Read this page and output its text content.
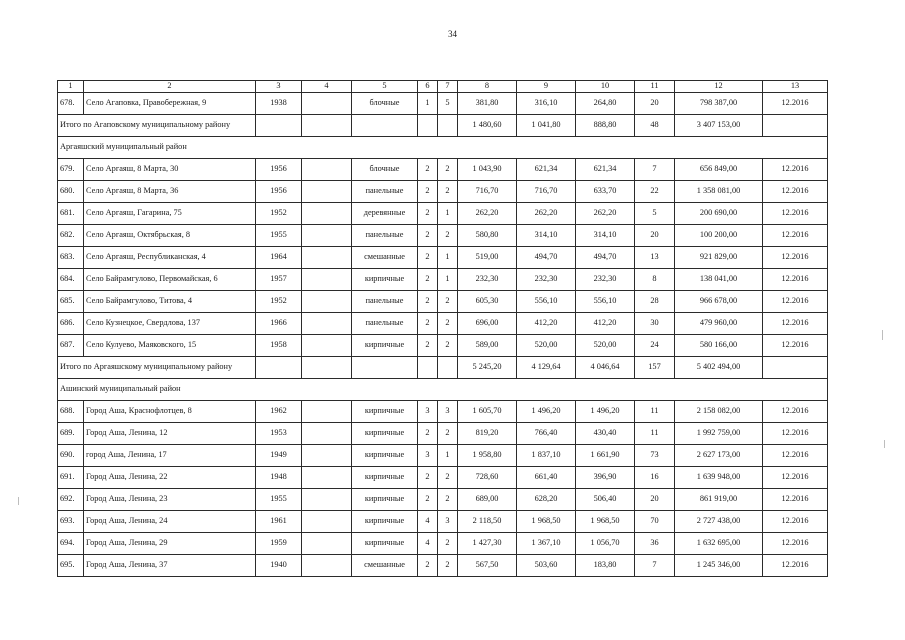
34
1	2	3	4	5	6	7	8	9	10	11	12	13
678.	Село Агаповка, Правобережная, 9	1938		блочные	1	5	381,80	316,10	264,80	20	798 387,00	12.2016
Итого по Агаповскому муниципальному району							1 480,60	1 041,80	888,80	48	3 407 153,00	
Аргаяшский муниципальный район												
679.	Село Аргаяш, 8 Марта, 30	1956		блочные	2	2	1 043,90	621,34	621,34	7	656 849,00	12.2016
680.	Село Аргаяш, 8 Марта, 36	1956		панельные	2	2	716,70	716,70	633,70	22	1 358 081,00	12.2016
681.	Село Аргаяш, Гагарина, 75	1952		деревянные	2	1	262,20	262,20	262,20	5	200 690,00	12.2016
682.	Село Аргаяш, Октябрьская, 8	1955		панельные	2	2	580,80	314,10	314,10	20	100 200,00	12.2016
683.	Село Аргаяш, Республиканская, 4	1964		смешанные	2	1	519,00	494,70	494,70	13	921 829,00	12.2016
684.	Село Байрамгулово, Первомайская, 6	1957		кирпичные	2	1	232,30	232,30	232,30	8	138 041,00	12.2016
685.	Село Байрамгулово, Титова, 4	1952		панельные	2	2	605,30	556,10	556,10	28	966 678,00	12.2016
686.	Село Кузнецкое, Свердлова, 137	1966		панельные	2	2	696,00	412,20	412,20	30	479 960,00	12.2016
687.	Село Кулуево, Маяковского, 15	1958		кирпичные	2	2	589,00	520,00	520,00	24	580 166,00	12.2016
Итого по Аргаяшскому муниципальному району							5 245,20	4 129,64	4 046,64	157	5 402 494,00	
Ашинский муниципальный район												
688.	Город Аша, Краснофлотцев, 8	1962		кирпичные	3	3	1 605,70	1 496,20	1 496,20	11	2 158 082,00	12.2016
689.	Город Аша, Ленина, 12	1953		кирпичные	2	2	819,20	766,40	430,40	11	1 992 759,00	12.2016
690.	город Аша, Ленина, 17	1949		кирпичные	3	1	1 958,80	1 837,10	1 661,90	73	2 627 173,00	12.2016
691.	Город Аша, Ленина, 22	1948		кирпичные	2	2	728,60	661,40	396,90	16	1 639 948,00	12.2016
692.	Город Аша, Ленина, 23	1955		кирпичные	2	2	689,00	628,20	506,40	20	861 919,00	12.2016
693.	Город Аша, Ленина, 24	1961		кирпичные	4	3	2 118,50	1 968,50	1 968,50	70	2 727 438,00	12.2016
694.	Город Аша, Ленина, 29	1959		кирпичные	4	2	1 427,30	1 367,10	1 056,70	36	1 632 695,00	12.2016
695.	Город Аша, Ленина, 37	1940		смешанные	2	2	567,50	503,60	183,80	7	1 245 346,00	12.2016
